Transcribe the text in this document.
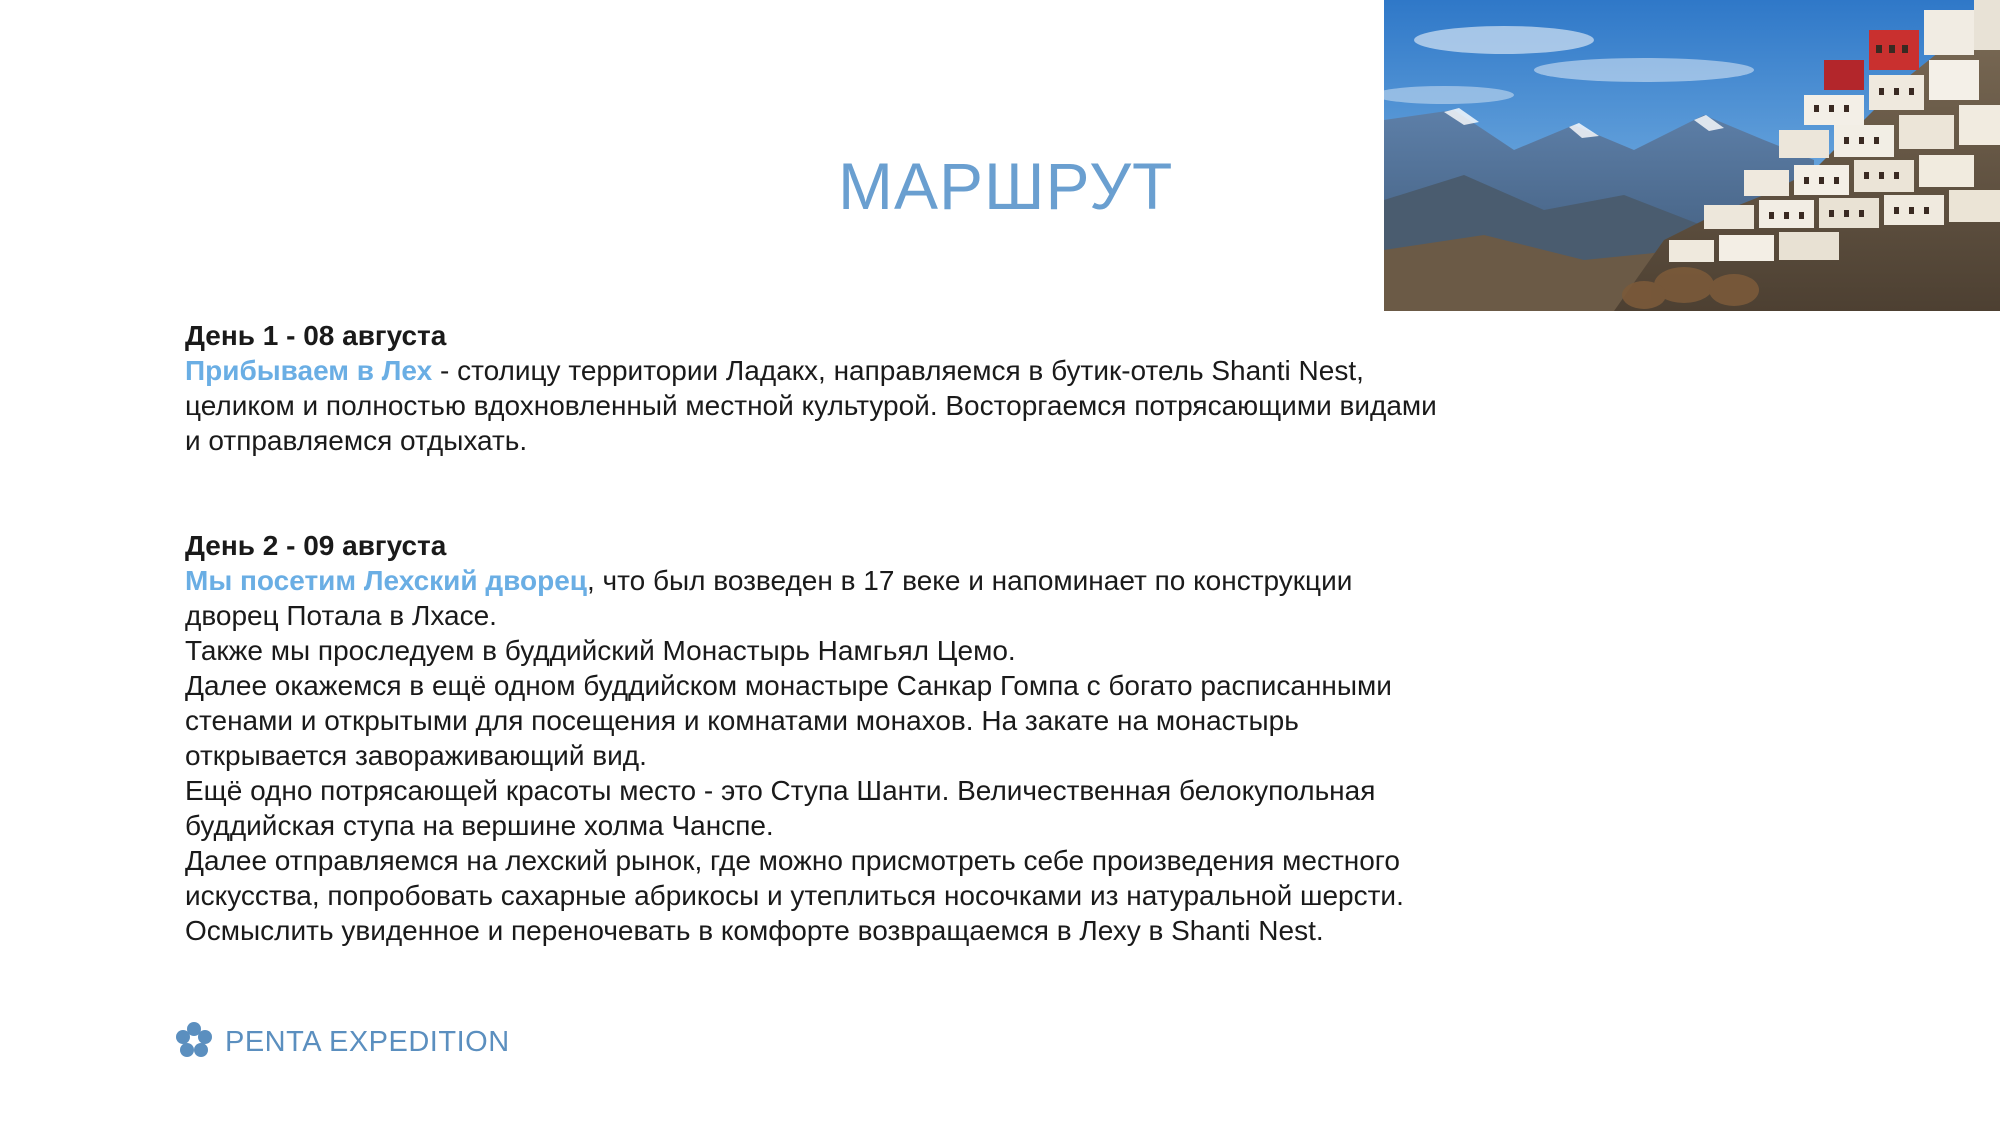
МАРШРУТ
День 1 - 08 августа
Прибываем в Лех - столицу территории Ладакх, направляемся в бутик-отель Shanti Nest, целиком и полностью вдохновленный местной культурой. Восторгаемся потрясающими видами и отправляемся отдыхать.
День 2 - 09 августа
Мы посетим Лехский дворец, что был возведен в 17 веке и напоминает по конструкции дворец Потала в Лхасе.
Также мы проследуем в буддийский Монастырь Намгьял Цемо.
Далее окажемся в ещё одном буддийском монастыре Санкар Гомпа с богато расписанными стенами и открытыми для посещения и комнатами монахов. На закате на монастырь открывается завораживающий вид.
Ещё одно потрясающей красоты место - это Ступа Шанти. Величественная белокупольная буддийская ступа на вершине холма Чанспе.
Далее отправляемся на лехский рынок, где можно присмотреть себе произведения местного искусства, попробовать сахарные абрикосы и утеплиться носочками из натуральной шерсти.
Осмыслить увиденное и переночевать в комфорте возвращаемся в Леху в Shanti Nest.
PENTA EXPEDITION
